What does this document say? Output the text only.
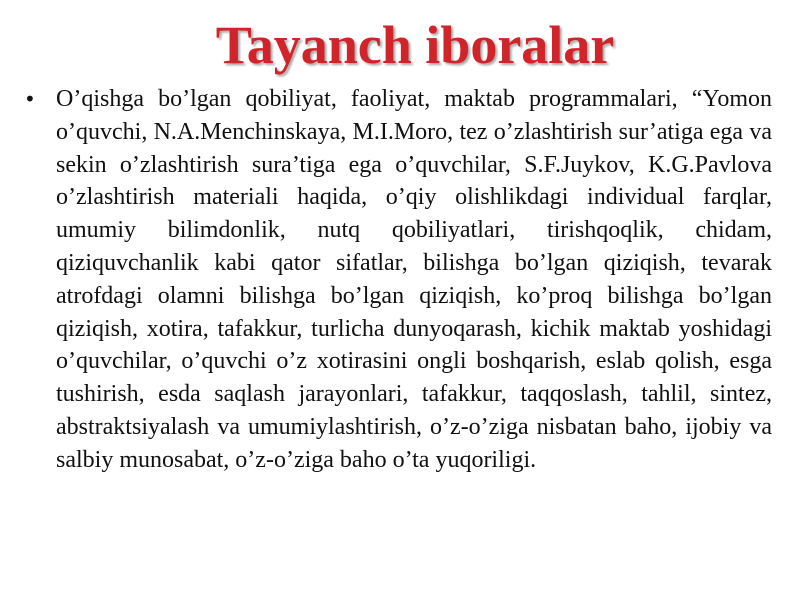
Tayanch iboralar
• O’qishga bo’lgan qobiliyat, faoliyat, maktab programmalari, “Yomon o’quvchi, N.A.Menchinskaya, M.I.Moro, tez o’zlashtirish sur’atiga ega va sekin o’zlashtirish sura’tiga ega o’quvchilar, S.F.Juykov, K.G.Pavlova o’zlashtirish materiali haqida, o’qiy olishlikdagi individual farqlar, umumiy bilimdonlik, nutq qobiliyatlari, tirishqoqlik, chidam, qiziquvchanlik kabi qator sifatlar, bilishga bo’lgan qiziqish, tevarak atrofdagi olamni bilishga bo’lgan qiziqish, ko’proq bilishga bo’lgan qiziqish, xotira, tafakkur, turlicha dunyoqarash, kichik maktab yoshidagi o’quvchilar, o’quvchi o’z xotirasini ongli boshqarish, eslab qolish, esga tushirish, esda saqlash jarayonlari, tafakkur, taqqoslash, tahlil, sintez, abstraktsiyalash va umumiylashtirish, o’z-o’ziga nisbatan baho, ijobiy va salbiy munosabat, o’z-o’ziga baho o’ta yuqoriligi.
